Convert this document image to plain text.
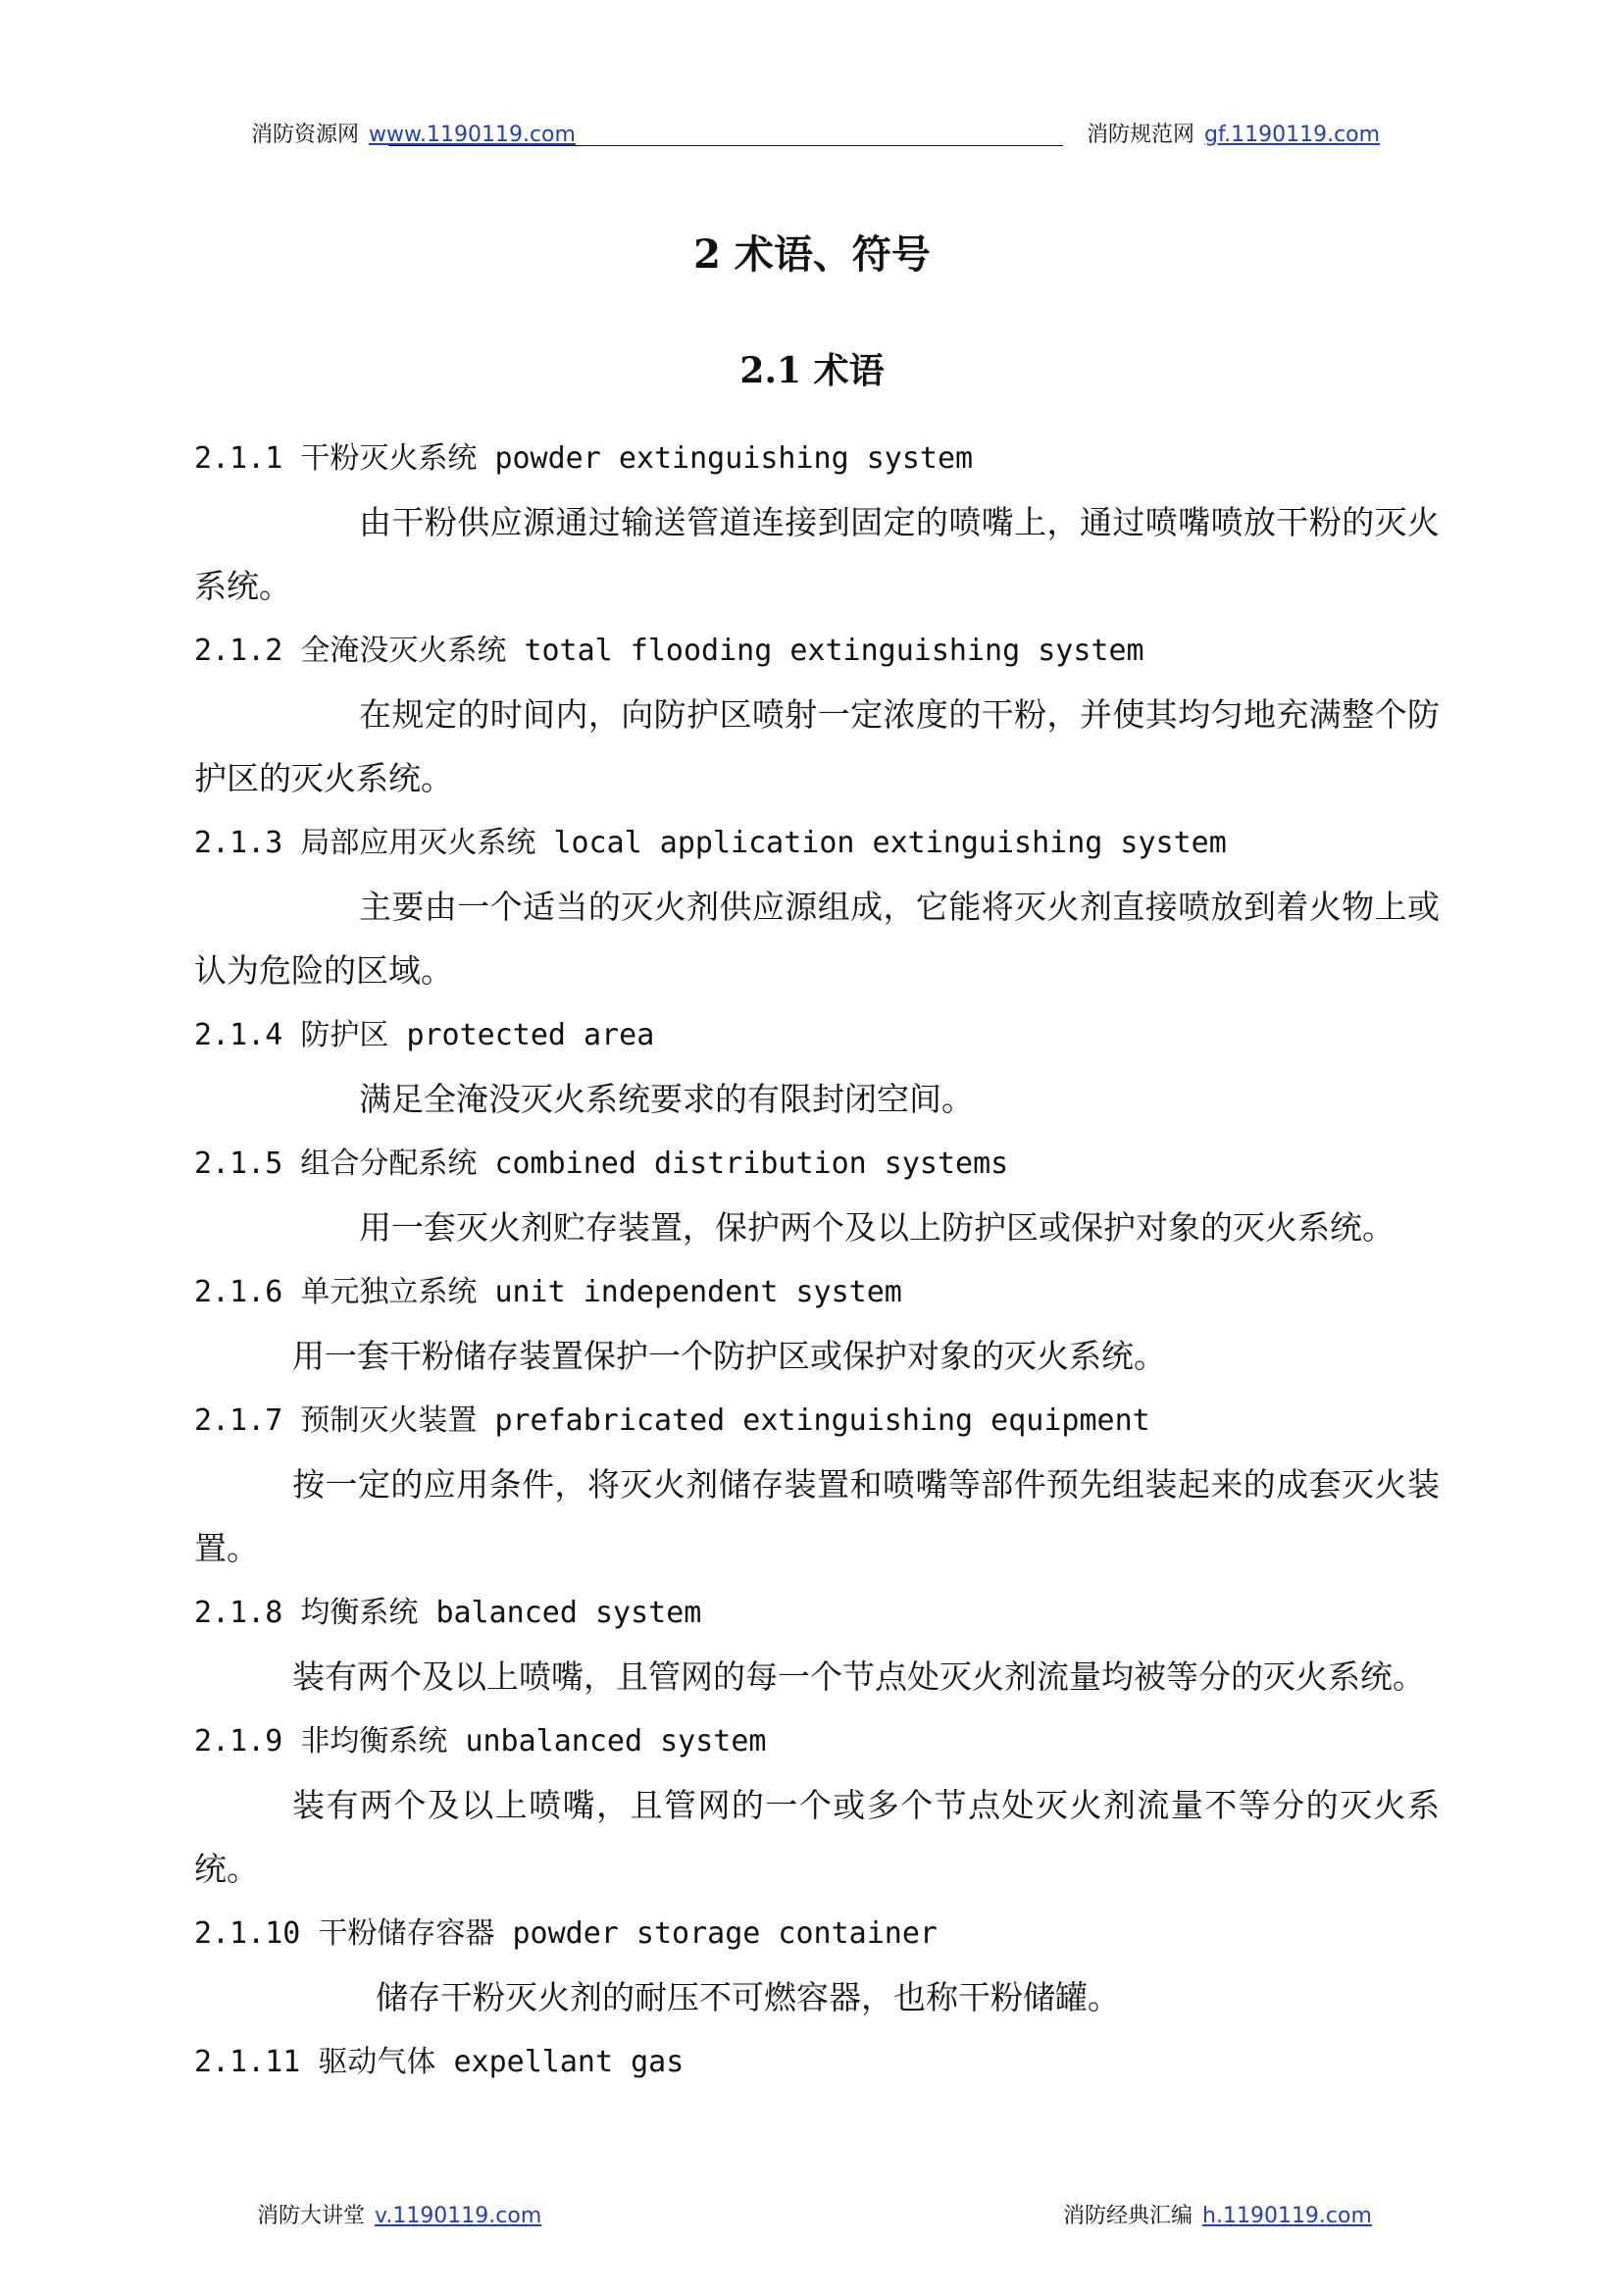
消防资源网 www.1190119.com	消防规范网 gf.1190119.com
2 术语、符号
2.1 术语

2.1.1 干粉灭火系统 powder extinguishing system

由干粉供应源通过输送管道连接到固定的喷嘴上，通过喷嘴喷放干粉的灭火系统。

2.1.2 全淹没灭火系统 total flooding extinguishing system

在规定的时间内，向防护区喷射一定浓度的干粉，并使其均匀地充满整个防护区的灭火系统。

2.1.3 局部应用灭火系统 local application extinguishing system

主要由一个适当的灭火剂供应源组成，它能将灭火剂直接喷放到着火物上或认为危险的区域。

2.1.4 防护区 protected area

满足全淹没灭火系统要求的有限封闭空间。

2.1.5 组合分配系统 combined distribution systems

用一套灭火剂贮存装置，保护两个及以上防护区或保护对象的灭火系统。

2.1.6 单元独立系统 unit independent system

用一套干粉储存装置保护一个防护区或保护对象的灭火系统。

2.1.7 预制灭火装置 prefabricated extinguishing equipment

按一定的应用条件，将灭火剂储存装置和喷嘴等部件预先组装起来的成套灭火装置。

2.1.8 均衡系统 balanced system

装有两个及以上喷嘴，且管网的每一个节点处灭火剂流量均被等分的灭火系统。

2.1.9 非均衡系统 unbalanced system

装有两个及以上喷嘴，且管网的一个或多个节点处灭火剂流量不等分的灭火系统。

2.1.10 干粉储存容器 powder storage container

储存干粉灭火剂的耐压不可燃容器，也称干粉储罐。

2.1.11 驱动气体 expellant gas

消防大讲堂 v.1190119.com	消防经典汇编 h.1190119.com
